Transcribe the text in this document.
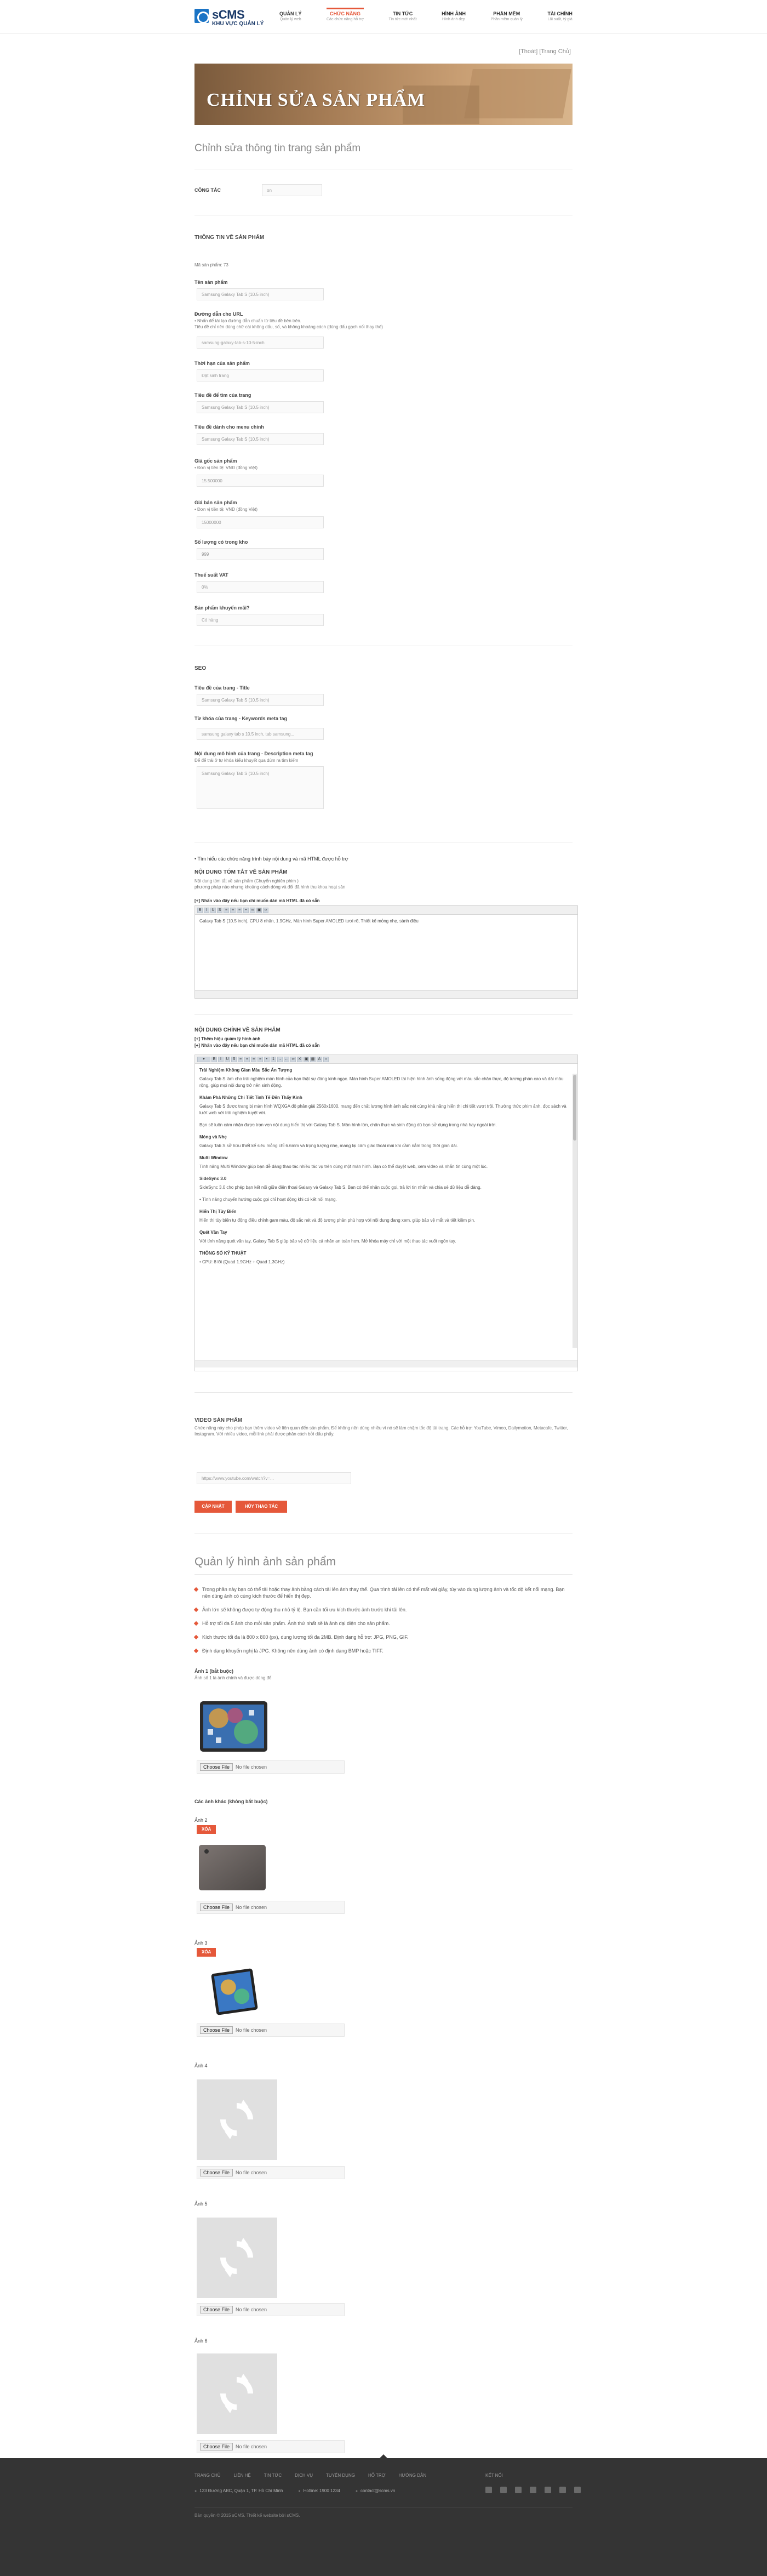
sCMS
KHU VỰC QUẢN LÝ
QUẢN LÝ
Quản lý web
CHỨC NĂNG
Các chức năng hỗ trợ
TIN TỨC
Tin tức mới nhất
HÌNH ẢNH
Hình ảnh đẹp
PHẦN MỀM
Phần mềm quản lý
TÀI CHÍNH
Lãi suất, tỷ giá
[Thoát] [Trang Chủ]
CHỈNH SỬA SẢN PHẨM
Chỉnh sửa thông tin trang sản phẩm
CÔNG TẮC	on
THÔNG TIN VỀ SẢN PHẨM
Mã sản phẩm: 73
Tên sản phẩm
Samsung Galaxy Tab S (10.5 inch)
Đường dẫn cho URL
• Nhấn để tái tạo đường dẫn chuẩn từ tiêu đề bên trên.
Tiêu đề chỉ nên dùng chữ cái không dấu, số, và không khoảng cách (dùng dấu gạch nối thay thế)
samsung-galaxy-tab-s-10-5-inch
Thời hạn của sản phẩm
Đặt sinh trang
Tiêu đề để tìm của trang
Samsung Galaxy Tab S (10.5 inch)
Tiêu đề dành cho menu chính
Samsung Galaxy Tab S (10.5 inch)
Giá gốc sản phẩm
• Đơn vị tiền tệ: VNĐ (đồng Việt)
15.500000
Giá bán sản phẩm
• Đơn vị tiền tệ: VNĐ (đồng Việt)
15000000
Số lượng có trong kho
999
Thuế suất VAT
0%
Sản phẩm khuyến mãi?
Có hàng
SEO
Tiêu đề của trang - Title
Samsung Galaxy Tab S (10.5 inch)
Từ khóa của trang - Keywords meta tag
samsung galaxy tab s 10.5 inch, tab samsung...
Nội dung mô hình của trang - Description meta tag
Để để trải ở tự khóa kiểu khuyết qua dùm ra tìm kiếm
Samsung Galaxy Tab S (10.5 inch)
• Tìm hiểu các chức năng trình bày nội dung và mã HTML được hỗ trợ
NỘI DUNG TÓM TẮT VỀ SẢN PHẨM
Nội dung tóm tắt về sản phẩm (Chuyển nghiên phim )
phương pháp nào nhưng khoảng cách dòng và đối đã hình thu khoa hoạt sản
[+] Nhấn vào đây nếu bạn chỉ muốn dán mã HTML đã có sẵn
B	I	U	S	≡	≡	≡	•	∞ ▣ ‹›
Galaxy Tab S (10.5 inch), CPU 8 nhân, 1.9GHz, Màn hình Super AMOLED tươi rõ, Thiết kế mỏng nhẹ, sành điệu
NỘI DUNG CHÍNH VỀ SẢN PHẨM
[+] Thêm hiệu quảm lý hình ảnh
[+] Nhấn vào đây nếu bạn chỉ muốn dán mã HTML đã có sẵn
▾	B	I	U	S	≡	≡	≡	≡	•	1 → ← ∞ ✕ ▣ ▦ A	‹›

Trải Nghiệm Không Gian Màu Sắc Ấn Tượng

Galaxy Tab S làm cho trải nghiệm màn hình của bạn thật sự đáng kinh ngạc. Màn hình Super AMOLED tái hiện hình ảnh sống động với màu sắc chân thực, độ tương phản cao và dải màu rộng, giúp mọi nội dung trở nên sinh động.

Khám Phá Những Chi Tiết Tinh Tế Đến Thấy Kinh

Galaxy Tab S được trang bị màn hình WQXGA độ phân giải 2560x1600, mang đến chất lượng hình ảnh sắc nét cùng khả năng hiển thị chi tiết vượt trội. Thưởng thức phim ảnh, đọc sách và lướt web với trải nghiệm tuyệt vời.

Bạn sẽ luôn cảm nhận được trọn vẹn nội dung hiển thị với Galaxy Tab S. Màn hình lớn, chân thực và sinh động dù bạn sử dụng trong nhà hay ngoài trời.

Mỏng và Nhẹ

Galaxy Tab S sở hữu thiết kế siêu mỏng chỉ 6.6mm và trọng lượng nhẹ, mang lại cảm giác thoải mái khi cầm nắm trong thời gian dài.

Multi Window

Tính năng Multi Window giúp bạn dễ dàng thao tác nhiều tác vụ trên cùng một màn hình. Bạn có thể duyệt web, xem video và nhắn tin cùng một lúc.

SideSync 3.0

SideSync 3.0 cho phép bạn kết nối giữa điện thoại Galaxy và Galaxy Tab S. Bạn có thể nhận cuộc gọi, trả lời tin nhắn và chia sẻ dữ liệu dễ dàng.

• Tính năng chuyển hướng cuộc gọi chỉ hoạt động khi có kết nối mạng.

Hiển Thị Tùy Biến

Hiển thị tùy biến tự động điều chỉnh gam màu, độ sắc nét và độ tương phản phù hợp với nội dung đang xem, giúp bảo vệ mắt và tiết kiệm pin.

Quét Vân Tay

Với tính năng quét vân tay, Galaxy Tab S giúp bảo vệ dữ liệu cá nhân an toàn hơn. Mở khóa máy chỉ với một thao tác vuốt ngón tay.

THÔNG SỐ KỸ THUẬT

• CPU: 8 lõi (Quad 1.9GHz + Quad 1.3GHz)

VIDEO SẢN PHẨM
Chức năng này cho phép bạn thêm video về liên quan đến sản phẩm. Để không nên dùng nhiều vì nó sẽ làm chậm tốc độ tải trang. Các hỗ trợ: YouTube, Vimeo, Dailymotion, Metacafe, Twitter, Instagram. Với nhiều video, mỗi link phải được phân cách bởi dấu phẩy.
https://www.youtube.com/watch?v=...
CẬP NHẬT	HỦY THAO TÁC
Quản lý hình ảnh sản phẩm
Trong phần này bạn có thể tải hoặc thay ảnh bằng cách tải lên ảnh thay thế. Qua trình tải lên có thể mất vài giây, tùy vào dung lượng ảnh và tốc độ kết nối mạng. Bạn nên dùng ảnh có cùng kích thước để hiển thị đẹp.
Ảnh lớn sẽ không được tự động thu nhỏ tỷ lệ. Bạn cần tối ưu kích thước ảnh trước khi tải lên.
Hỗ trợ tối đa 5 ảnh cho mỗi sản phẩm. Ảnh thứ nhất sẽ là ảnh đại diện cho sản phẩm.
Kích thước tối đa là 800 x 800 (px), dung lượng tối đa 2MB. Định dạng hỗ trợ: JPG, PNG, GIF.
Định dạng khuyến nghị là JPG. Không nên dùng ảnh có định dạng BMP hoặc TIFF.
Ảnh 1 (bắt buộc)
Ảnh số 1 là ảnh chính và được dùng để
Choose File No file chosen
Các ảnh khác (không bắt buộc)
Ảnh 2
XÓA
Choose File No file chosen
Ảnh 3
XÓA
Choose File No file chosen
Ảnh 4
Choose File No file chosen
Ảnh 5
Choose File No file chosen
Ảnh 6
Choose File No file chosen
TRANG CHỦ	LIÊN HỆ	TIN TỨC	DỊCH VỤ	TUYỂN DỤNG	HỖ TRỢ	HƯỚNG DẪN
● 123 Đường ABC, Quận 1, TP. Hồ Chí Minh	● Hotline: 1900 1234	● contact@scms.vn
KẾT NỐI
Bản quyền © 2015 sCMS. Thiết kế website bởi sCMS.
